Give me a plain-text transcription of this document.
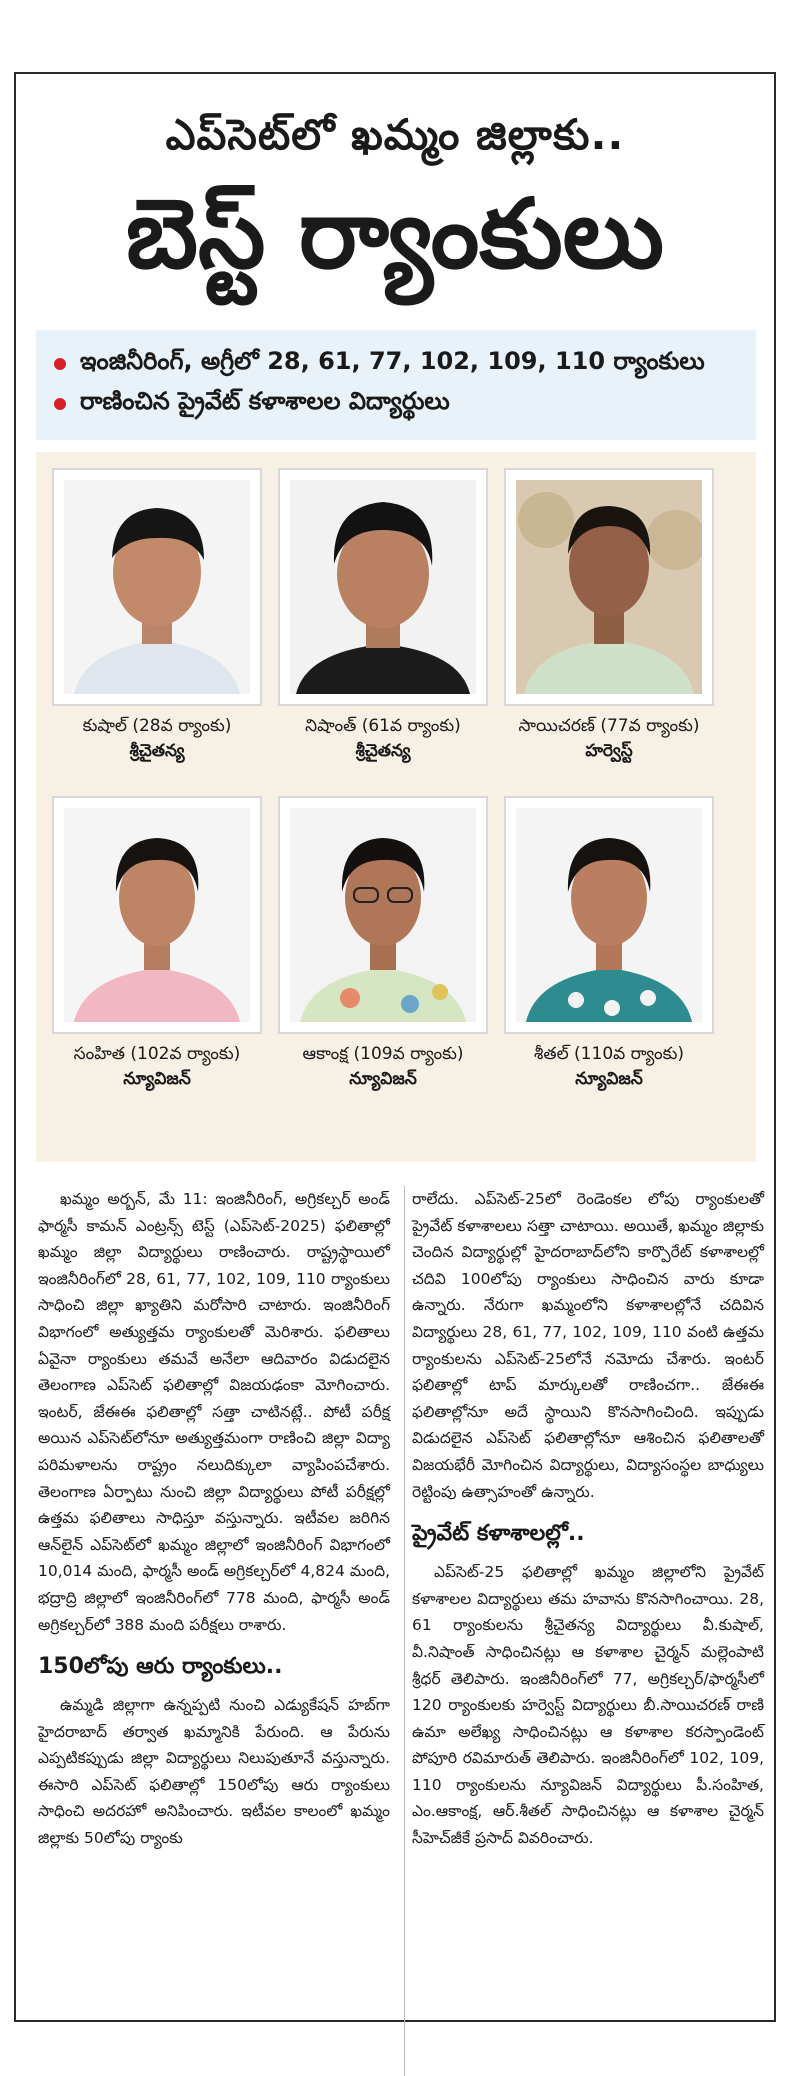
ఎప్‌సెట్‌లో ఖమ్మం జిల్లాకు..
బెస్ట్ ర్యాంకులు
ఇంజినీరింగ్, అగ్రీలో 28, 61, 77, 102, 109, 110 ర్యాంకులు
రాణించిన ప్రైవేట్ కళాశాలల విద్యార్థులు
కుషాల్ (28వ ర్యాంకు)
శ్రీచైతన్య
నిషాంత్ (61వ ర్యాంకు)
శ్రీచైతన్య
సాయిచరణ్ (77వ ర్యాంకు)
హర్వెస్ట్
సంహిత (102వ ర్యాంకు)
న్యూవిజన్
ఆకాంక్ష (109వ ర్యాంకు)
న్యూవిజన్
శీతల్ (110వ ర్యాంకు)
న్యూవిజన్

ఖమ్మం అర్బన్, మే 11: ఇంజినీరింగ్, అగ్రికల్చర్ అండ్ ఫార్మసీ కామన్ ఎంట్రన్స్ టెస్ట్ (ఎప్‌సెట్-2025) ఫలితాల్లో ఖమ్మం జిల్లా విద్యార్థులు రాణించారు. రాష్ట్రస్థాయిలో ఇంజినీరింగ్‌లో 28, 61, 77, 102, 109, 110 ర్యాంకులు సాధించి జిల్లా ఖ్యాతిని మరోసారి చాటారు. ఇంజినీరింగ్ విభాగంలో అత్యుత్తమ ర్యాంకులతో మెరిశారు. ఫలితాలు ఏవైనా ర్యాంకులు తమవే అనేలా ఆదివారం విడుదలైన తెలంగాణ ఎప్‌సెట్ ఫలితాల్లో విజయఢంకా మోగించారు. ఇంటర్, జేఈఈ ఫలితాల్లో సత్తా చాటినట్లే.. పోటీ పరీక్ష అయిన ఎప్‌సెట్‌లోనూ అత్యుత్తమంగా రాణించి జిల్లా విద్యా పరిమళాలను రాష్ట్రం నలుదిక్కులా వ్యాపింపచేశారు. తెలంగాణ ఏర్పాటు నుంచి జిల్లా విద్యార్థులు పోటీ పరీక్షల్లో ఉత్తమ ఫలితాలు సాధిస్తూ వస్తున్నారు. ఇటీవల జరిగిన ఆన్‌లైన్ ఎప్‌సెట్‌లో ఖమ్మం జిల్లాలో ఇంజినీరింగ్ విభాగంలో 10,014 మంది, ఫార్మసీ అండ్ అగ్రికల్చర్‌లో 4,824 మంది, భద్రాద్రి జిల్లాలో ఇంజినీరింగ్‌లో 778 మంది, ఫార్మసీ అండ్ అగ్రికల్చర్‌లో 388 మంది పరీక్షలు రాశారు.

150లోపు ఆరు ర్యాంకులు..

ఉమ్మడి జిల్లాగా ఉన్నప్పటి నుంచి ఎడ్యుకేషన్ హబ్‌గా హైదరాబాద్ తర్వాత ఖమ్మానికి పేరుంది. ఆ పేరును ఎప్పటికప్పుడు జిల్లా విద్యార్థులు నిలుపుతూనే వస్తున్నారు. ఈసారి ఎప్‌సెట్ ఫలితాల్లో 150లోపు ఆరు ర్యాంకులు సాధించి అదరహో అనిపించారు. ఇటీవల కాలంలో ఖమ్మం జిల్లాకు 50లోపు ర్యాంకు

రాలేదు. ఎప్‌సెట్-25లో రెండెంకల లోపు ర్యాంకులతో ప్రైవేట్ కళాశాలలు సత్తా చాటాయి. అయితే, ఖమ్మం జిల్లాకు చెందిన విద్యార్థుల్లో హైదరాబాద్‌లోని కార్పొరేట్ కళాశాలల్లో చదివి 100లోపు ర్యాంకులు సాధించిన వారు కూడా ఉన్నారు. నేరుగా ఖమ్మంలోని కళాశాలల్లోనే చదివిన విద్యార్థులు 28, 61, 77, 102, 109, 110 వంటి ఉత్తమ ర్యాంకులను ఎప్‌సెట్-25లోనే నమోదు చేశారు. ఇంటర్ ఫలితాల్లో టాప్ మార్కులతో రాణించగా.. జేఈఈ ఫలితాల్లోనూ అదే స్థాయిని కొనసాగించింది. ఇప్పుడు విడుదలైన ఎప్‌సెట్ ఫలితాల్లోనూ ఆశించిన ఫలితాలతో విజయభేరీ మోగించిన విద్యార్థులు, విద్యాసంస్థల బాధ్యులు రెట్టింపు ఉత్సాహంతో ఉన్నారు.

ప్రైవేట్ కళాశాలల్లో..

ఎప్‌సెట్-25 ఫలితాల్లో ఖమ్మం జిల్లాలోని ప్రైవేట్ కళాశాలల విద్యార్థులు తమ హవాను కొనసాగించాయి. 28, 61 ర్యాంకులను శ్రీచైతన్య విద్యార్థులు వీ.కుషాల్, వీ.నిషాంత్ సాధించినట్లు ఆ కళాశాల చైర్మన్ మల్లెంపాటి శ్రీధర్ తెలిపారు. ఇంజినీరింగ్‌లో 77, అగ్రికల్చర్/ఫార్మసీలో 120 ర్యాంకులకు హర్వెస్ట్ విద్యార్థులు బీ.సాయిచరణ్ రాణి ఉమా అలేఖ్య సాధించినట్లు ఆ కళాశాల కరస్పాండెంట్ పోపూరి రవిమారుత్ తెలిపారు. ఇంజినీరింగ్‌లో 102, 109, 110 ర్యాంకులను న్యూవిజన్ విద్యార్థులు పీ.సంహిత, ఎం.ఆకాంక్ష, ఆర్.శీతల్ సాధించినట్లు ఆ కళాశాల చైర్మన్ సీహెచ్‌జీకే ప్రసాద్ వివరించారు.
